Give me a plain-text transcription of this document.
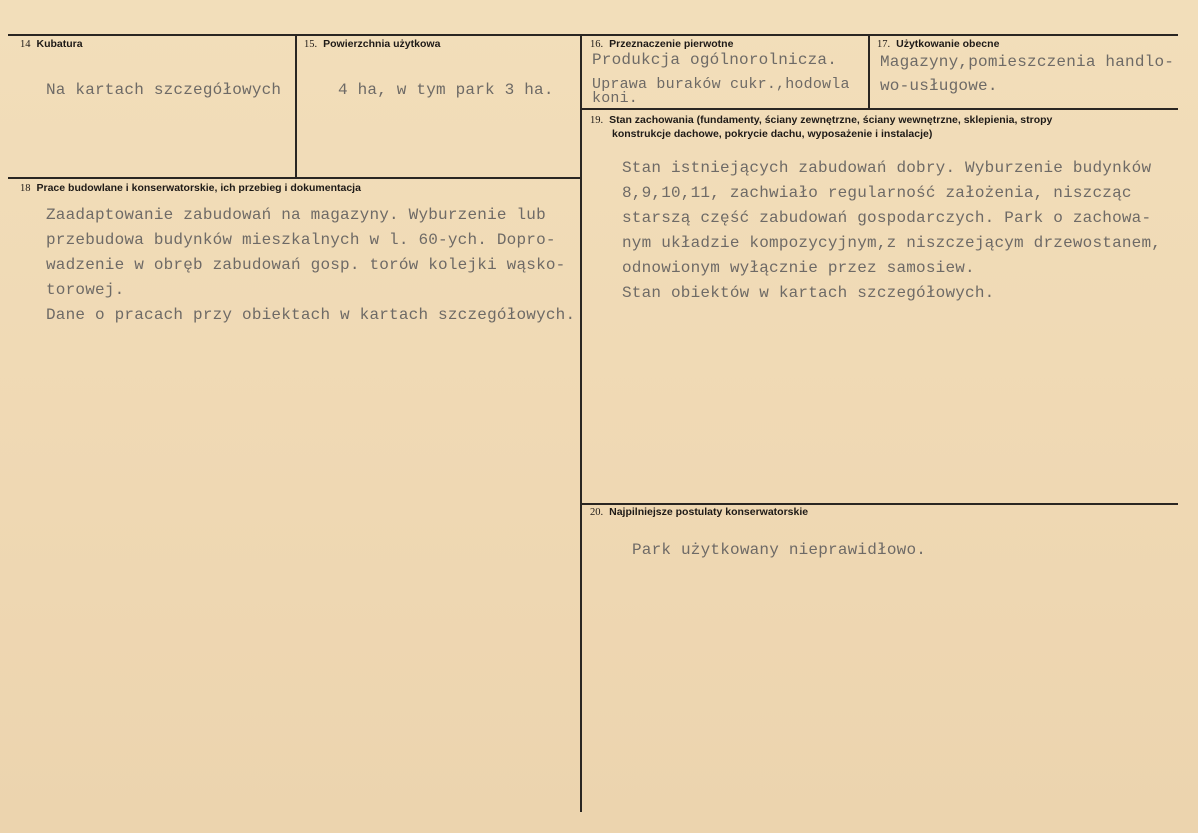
14 Kubatura
Na kartach szczegółowych
15. Powierzchnia użytkowa
4 ha, w tym park 3 ha.
16. Przeznaczenie pierwotne
Produkcja ogólnorolnicza.
Uprawa buraków cukr.,hodowla
koni.
17. Użytkowanie obecne
Magazyny,pomieszczenia handlo-
wo-usługowe.
19. Stan zachowania (fundamenty, ściany zewnętrzne, ściany wewnętrzne, sklepienia, stropy
konstrukcje dachowe, pokrycie dachu, wyposażenie i instalacje)
Stan istniejących zabudowań dobry. Wyburzenie budynków
8,9,10,11, zachwiało regularność założenia, niszcząc
starszą część zabudowań gospodarczych. Park o zachowa-
nym układzie kompozycyjnym,z niszczejącym drzewostanem,
odnowionym wyłącznie przez samosiew.
Stan obiektów w kartach szczegółowych.
18 Prace budowlane i konserwatorskie, ich przebieg i dokumentacja
Zaadaptowanie zabudowań na magazyny. Wyburzenie lub
przebudowa budynków mieszkalnych w l. 60-ych. Dopro-
wadzenie w obręb zabudowań gosp. torów kolejki wąsko-
torowej.
Dane o pracach przy obiektach w kartach szczegółowych.
20. Najpilniejsze postulaty konserwatorskie
Park użytkowany nieprawidłowo.
